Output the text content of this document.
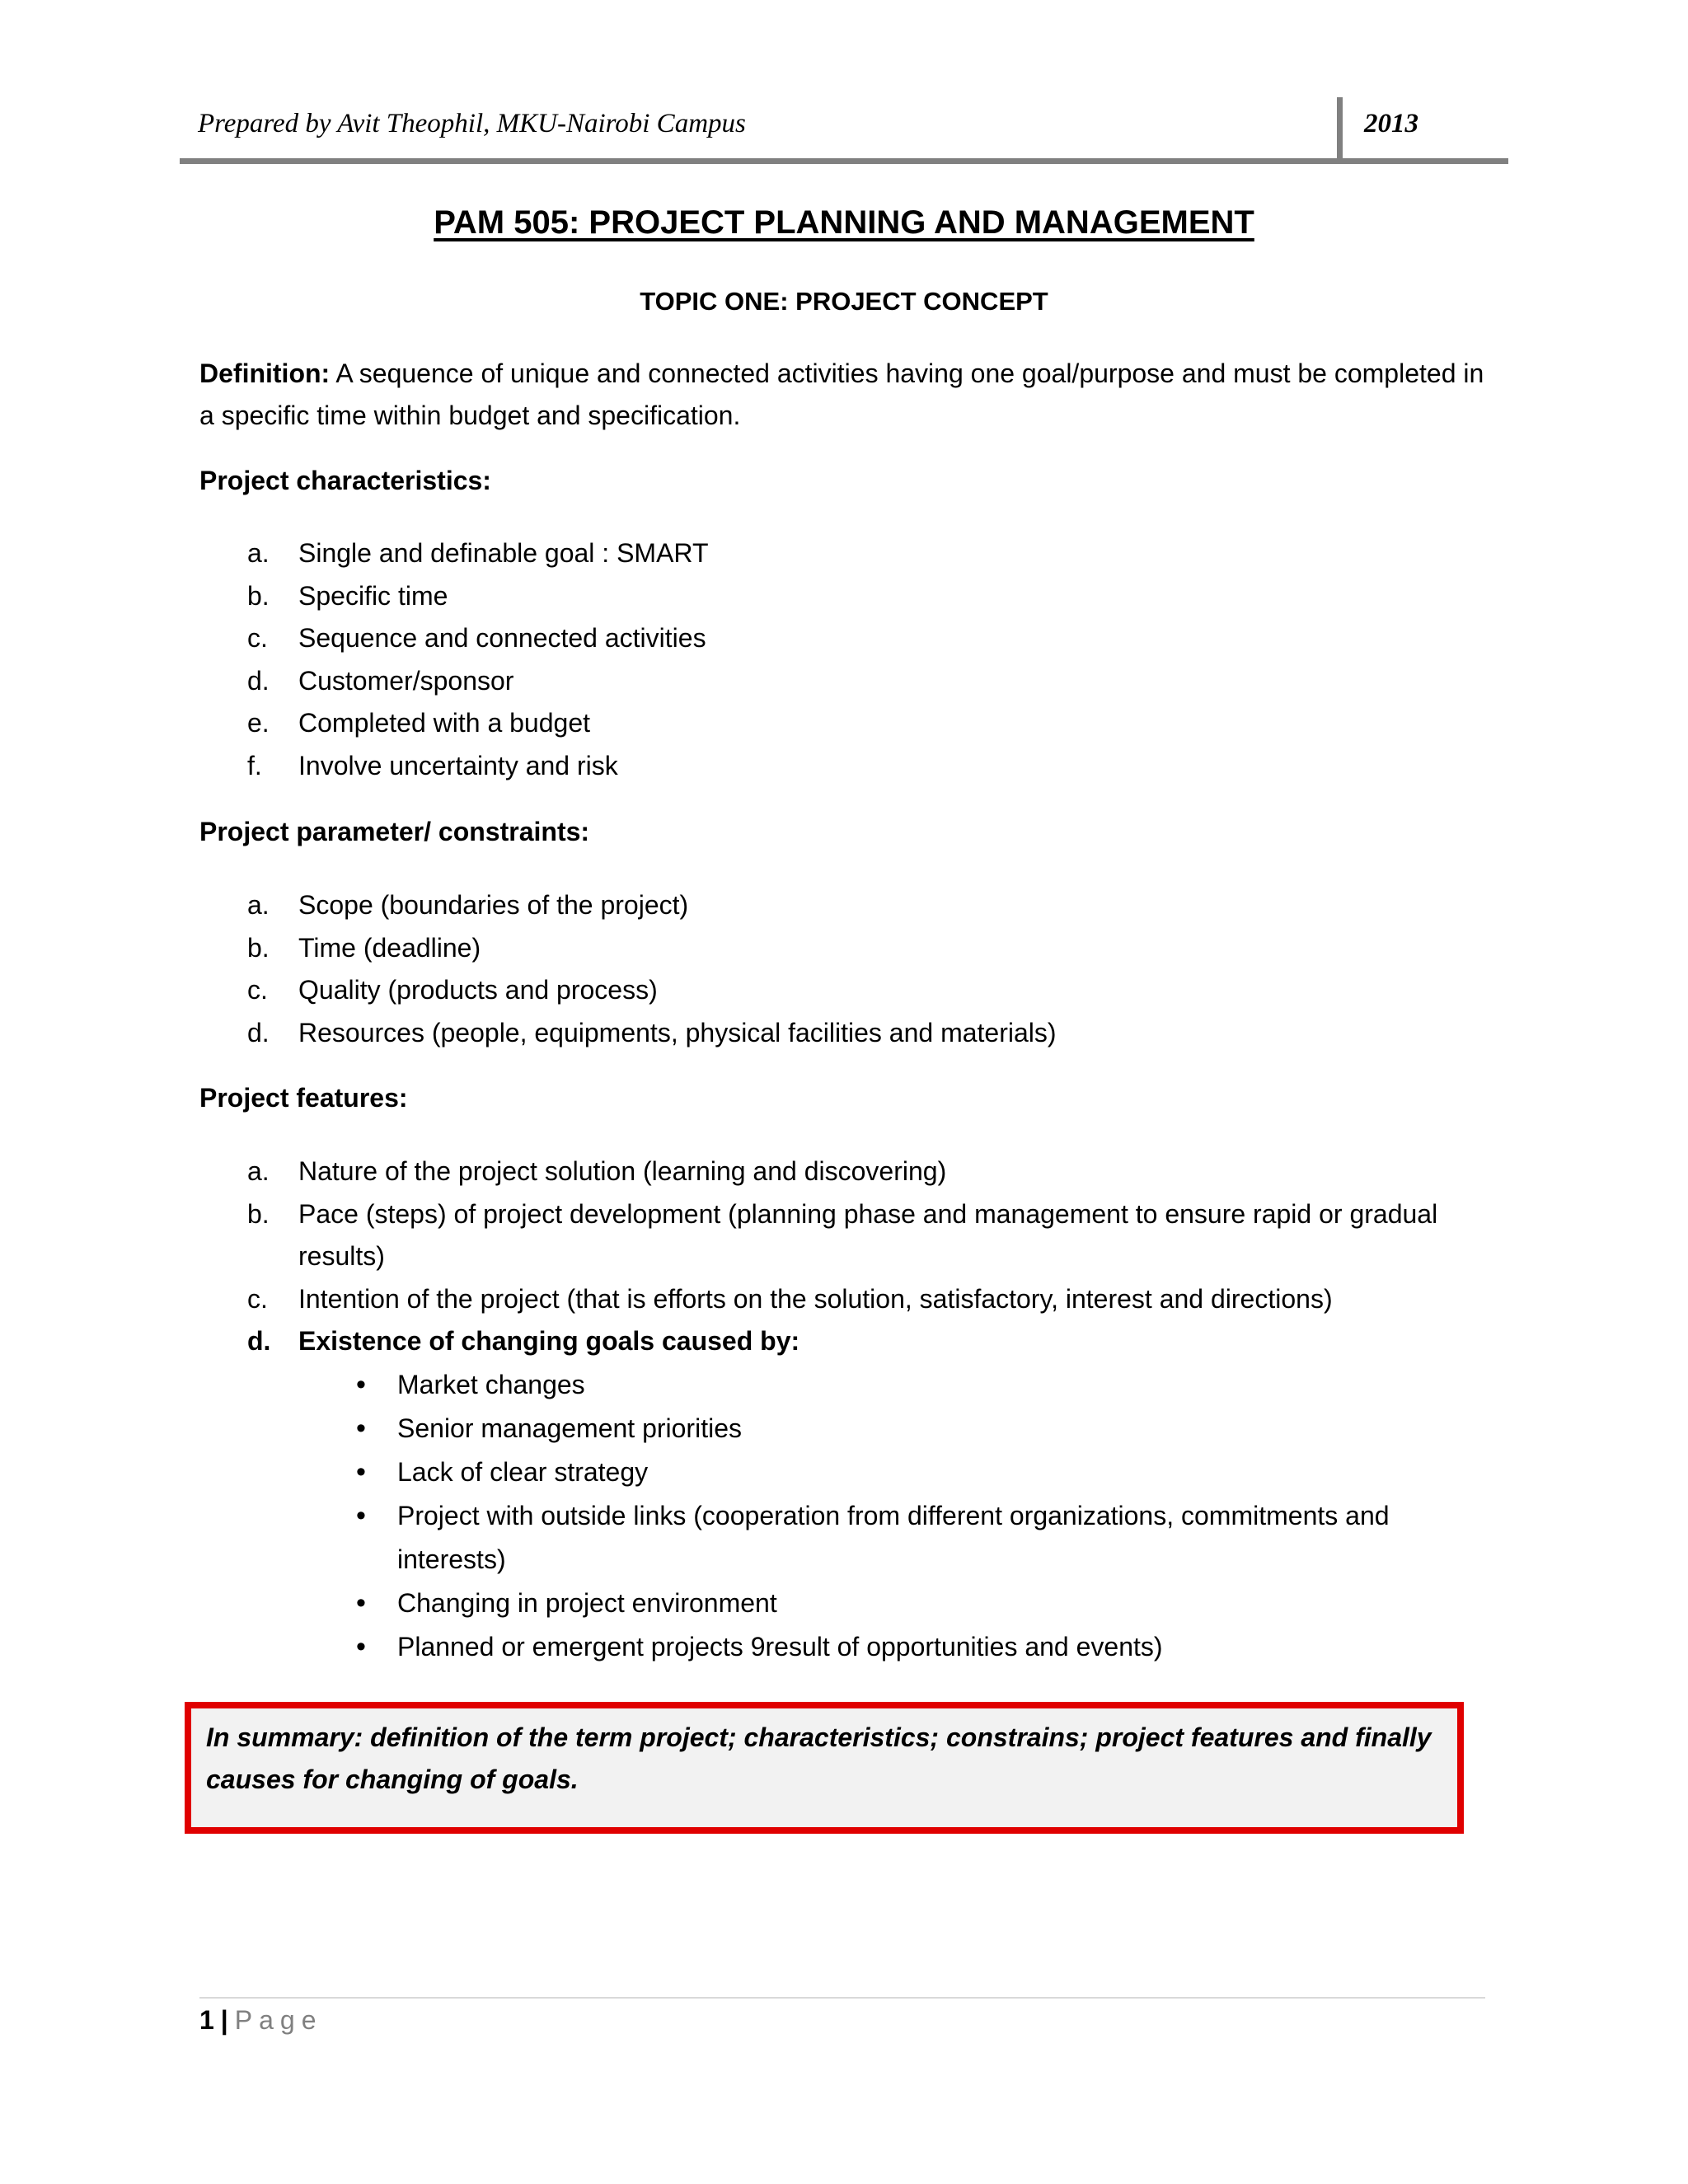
Prepared by Avit Theophil, MKU-Nairobi Campus	2013
PAM 505: PROJECT PLANNING AND MANAGEMENT
TOPIC ONE: PROJECT CONCEPT
Definition: A sequence of unique and connected activities having one goal/purpose and must be completed in a specific time within budget and specification.
Project characteristics:
a. Single and definable goal : SMART
b. Specific time
c. Sequence and connected activities
d. Customer/sponsor
e. Completed with a budget
f. Involve uncertainty and risk
Project parameter/ constraints:
a. Scope (boundaries of the project)
b. Time (deadline)
c. Quality (products and process)
d. Resources (people, equipments, physical facilities and materials)
Project features:
a. Nature of the project solution (learning and discovering)
b. Pace (steps) of project development (planning phase and management to ensure rapid or gradual results)
c. Intention of the project (that is efforts on the solution, satisfactory, interest and directions)
d. Existence of changing goals caused by:
• Market changes
• Senior management priorities
• Lack of clear strategy
• Project with outside links (cooperation from different organizations, commitments and interests)
• Changing in project environment
• Planned or emergent projects 9result of opportunities and events)
In summary: definition of the term project; characteristics; constrains; project features and finally causes for changing of goals.
1 | Page
